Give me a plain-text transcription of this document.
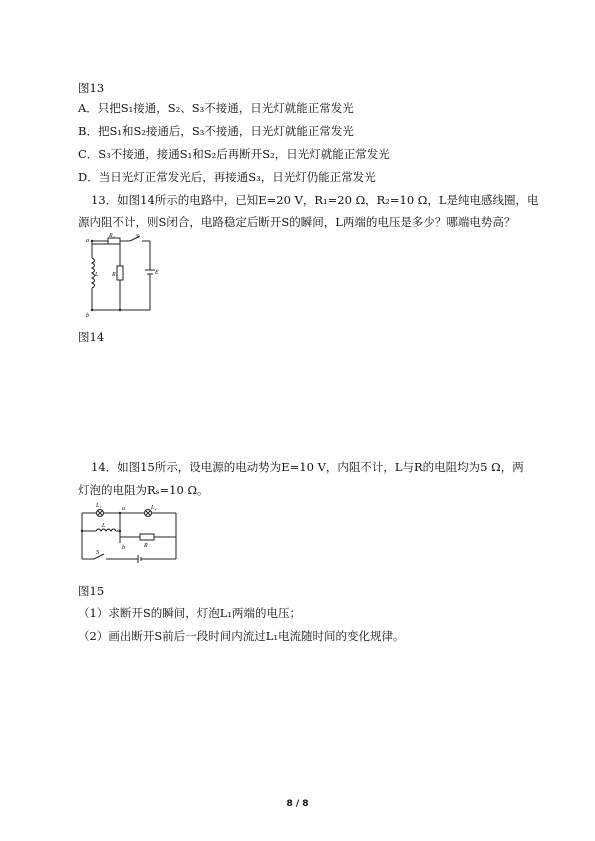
图13
A．只把S₁接通，S₂、S₃不接通，日光灯就能正常发光
B．把S₁和S₂接通后，S₃不接通，日光灯就能正常发光
C．S₃不接通，接通S₁和S₂后再断开S₂，日光灯就能正常发光
D．当日光灯正常发光后，再接通S₃，日光灯仍能正常发光
13．如图14所示的电路中，已知E=20 V，R₁=20 Ω，R₂=10 Ω，L是纯电感线圈，电
源内阻不计，则S闭合，电路稳定后断开S的瞬间，L两端的电压是多少？哪端电势高？
a
b
R₂	S
L R₁	E
图14
14．如图15所示，设电源的电动势为E=10 V，内阻不计，L与R的电阻均为5 Ω，两
灯泡的电阻为Rₛ=10 Ω。
L₁	L₂
a
b
L
R
S
图15
（1）求断开S的瞬间，灯泡L₁两端的电压；
（2）画出断开S前后一段时间内流过L₁电流随时间的变化规律。
8 / 8
